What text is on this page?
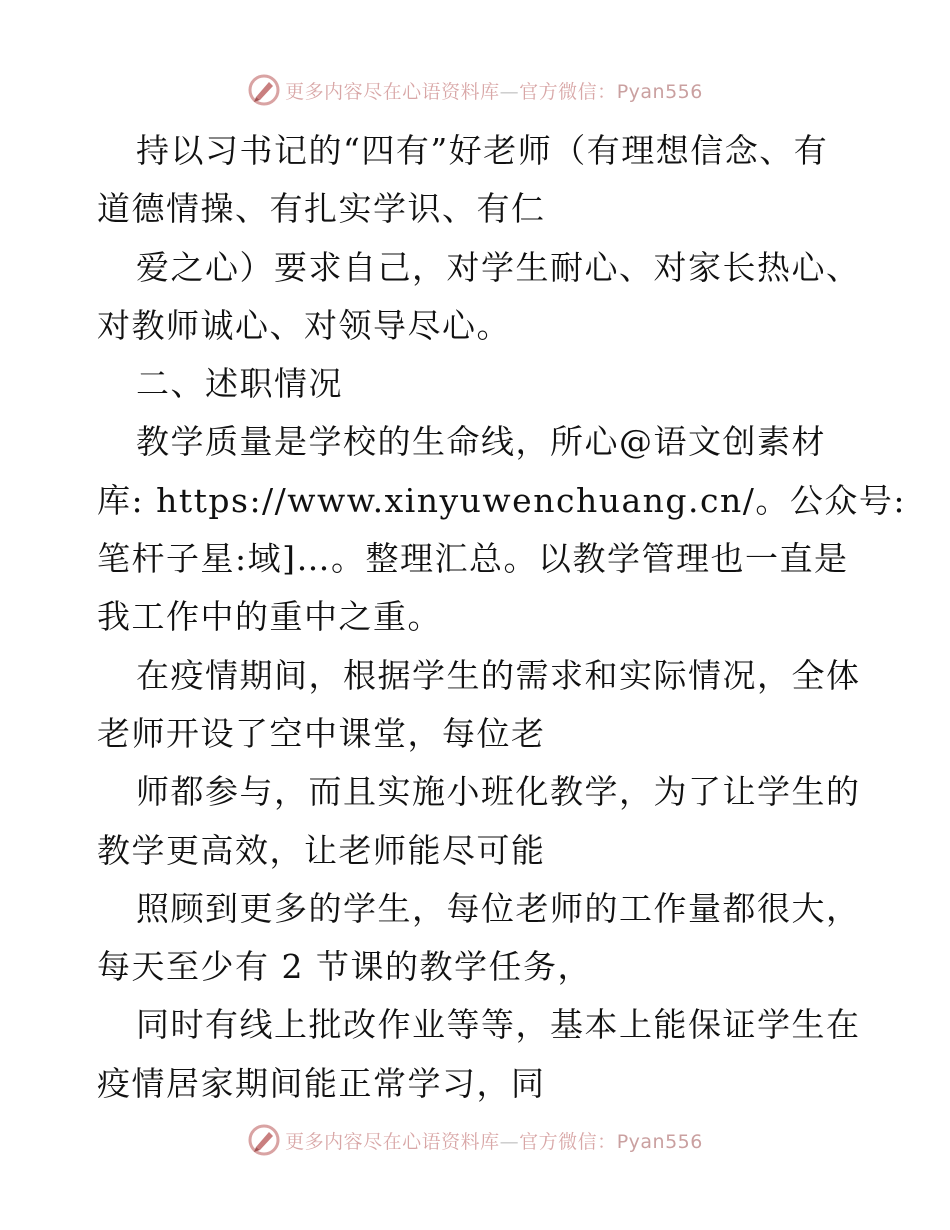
更多内容尽在心语资料库—官方微信：Pyan556
持以习书记的“四有”好老师（有理想信念、有
道德情操、有扎实学识、有仁
爱之心）要求自己，对学生耐心、对家长热心、
对教师诚心、对领导尽心。
二、述职情况
教学质量是学校的生命线，所心@语文创素材
库: https://www.xinyuwenchuang.cn/。公众号:
笔杆子星:域]…。整理汇总。以教学管理也一直是
我工作中的重中之重。
在疫情期间，根据学生的需求和实际情况，全体
老师开设了空中课堂，每位老
师都参与，而且实施小班化教学，为了让学生的
教学更高效，让老师能尽可能
照顾到更多的学生，每位老师的工作量都很大，
每天至少有 2 节课的教学任务，
同时有线上批改作业等等，基本上能保证学生在
疫情居家期间能正常学习，同
更多内容尽在心语资料库—官方微信：Pyan556
